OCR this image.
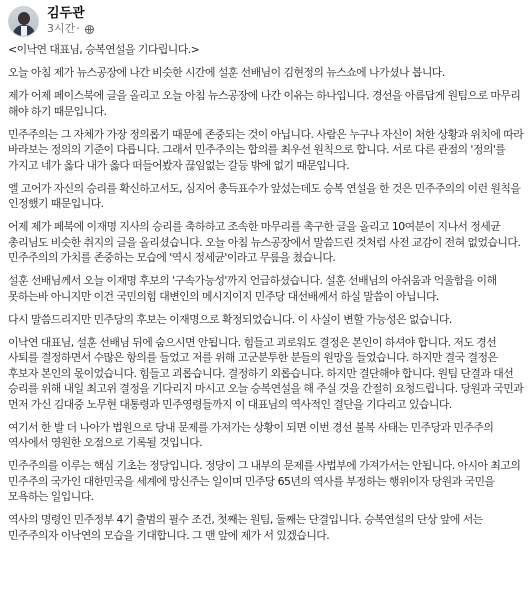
김두관
3시간 ·

<이낙연 대표님, 승복연설을 기다립니다.>

오늘 아침 제가 뉴스공장에 나간 비슷한 시간에 설훈 선배님이 김현정의 뉴스쇼에 나가셨나 봅니다.

제가 어제 페이스북에 글을 올리고 오늘 아침 뉴스공장에 나간 이유는 하나입니다. 경선을 아름답게 원팀으로 마무리 해야 하기 때문입니다.

민주주의는 그 자체가 가장 정의롭기 때문에 존중되는 것이 아닙니다. 사람은 누구나 자신이 처한 상황과 위치에 따라 바라보는 정의의 기준이 다릅니다. 그래서 민주주의는 합의를 최우선 원칙으로 합니다. 서로 다른 관점의 '정의'를 가지고 네가 옳다 내가 옳다 떠들어봤자 끊임없는 갈등 밖에 없기 때문입니다.

엘 고어가 자신의 승리를 확신하고서도, 심지어 총득표수가 앞섰는데도 승복 연설을 한 것은 민주주의의 이런 원칙을 인정했기 때문입니다.

어제 제가 페북에 이재명 지사의 승리를 축하하고 조속한 마무리를 촉구한 글을 올리고 10여분이 지나서 정세균 총리님도 비슷한 취지의 글을 올리셨습니다. 오늘 아침 뉴스공장에서 말씀드린 것처럼 사전 교감이 전혀 없었습니다. 민주주의의 가치를 존중하는 모습에 '역시 정세균'이라고 무릎을 쳤습니다.

설훈 선배님께서 오늘 이재명 후보의 '구속가능성'까지 언급하셨습니다. 설훈 선배님의 아쉬움과 억울함을 이해 못하는바 아니지만 이건 국민의힘 대변인의 메시지이지 민주당 대선배께서 하실 말씀이 아닙니다.

다시 말씀드리지만 민주당의 후보는 이재명으로 확정되었습니다. 이 사실이 변할 가능성은 없습니다.

이낙연 대표님, 설훈 선배님 뒤에 숨으시면 안됩니다. 힘들고 괴로워도 결정은 본인이 하셔야 합니다. 저도 경선 사퇴를 결정하면서 수많은 항의를 들었고 저를 위해 고군분투한 분들의 원망을 들었습니다. 하지만 결국 결정은 후보자 본인의 몫이었습니다. 힘들고 괴롭습니다. 결정하기 외롭습니다. 하지만 결단해야 합니다. 원팀 단결과 대선 승리를 위해 내일 최고위 결정을 기다리지 마시고 오늘 승복연설을 해 주실 것을 간절히 요청드립니다. 당원과 국민과 먼저 가신 김대중 노무현 대통령과 민주영령들까지 이 대표님의 역사적인 결단을 기다리고 있습니다.

여기서 한 발 더 나아가 법원으로 당내 문제를 가져가는 상황이 되면 이번 경선 불복 사태는 민주당과 민주주의 역사에서 영원한 오점으로 기록될 것입니다.

민주주의를 이루는 핵심 기초는 정당입니다. 정당이 그 내부의 문제를 사법부에 가져가서는 안됩니다. 아시아 최고의 민주주의 국가인 대한민국을 세계에 망신주는 일이며 민주당 65년의 역사를 부정하는 행위이자 당원과 국민을 모욕하는 일입니다.

역사의 명령인 민주정부 4기 출범의 필수 조건, 첫째는 원팀, 둘째는 단결입니다. 승복연설의 단상 앞에 서는 민주주의자 이낙연의 모습을 기대합니다. 그 맨 앞에 제가 서 있겠습니다.
